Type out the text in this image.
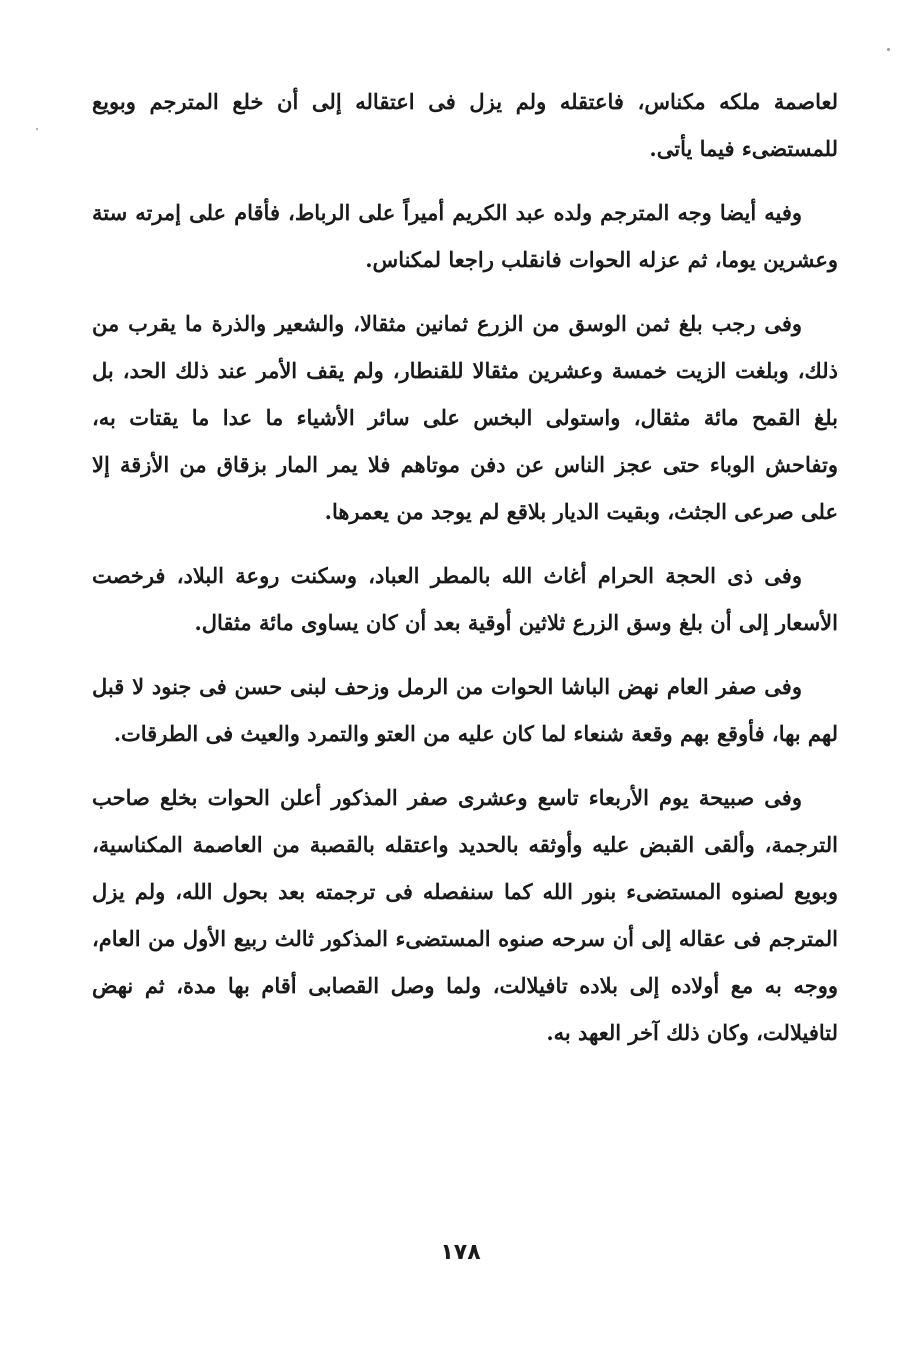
لعاصمة ملكه مكناس، فاعتقله ولم يزل فى اعتقاله إلى أن خلع المترجم وبويع للمستضىء فيما يأتى.

وفيه أيضا وجه المترجم ولده عبد الكريم أميراً على الرباط، فأقام على إمرته ستة وعشرين يوما، ثم عزله الحوات فانقلب راجعا لمكناس.

وفى رجب بلغ ثمن الوسق من الزرع ثمانين مثقالا، والشعير والذرة ما يقرب من ذلك، وبلغت الزيت خمسة وعشرين مثقالا للقنطار، ولم يقف الأمر عند ذلك الحد، بل بلغ القمح مائة مثقال، واستولى البخس على سائر الأشياء ما عدا ما يقتات به، وتفاحش الوباء حتى عجز الناس عن دفن موتاهم فلا يمر المار بزقاق من الأزقة إلا على صرعى الجثث، وبقيت الديار بلاقع لم يوجد من يعمرها.

وفى ذى الحجة الحرام أغاث الله بالمطر العباد، وسكنت روعة البلاد، فرخصت الأسعار إلى أن بلغ وسق الزرع ثلاثين أوقية بعد أن كان يساوى مائة مثقال.

وفى صفر العام نهض الباشا الحوات من الرمل وزحف لبنى حسن فى جنود لا قبل لهم بها، فأوقع بهم وقعة شنعاء لما كان عليه من العتو والتمرد والعيث فى الطرقات.

وفى صبيحة يوم الأربعاء تاسع وعشرى صفر المذكور أعلن الحوات بخلع صاحب الترجمة، وألقى القبض عليه وأوثقه بالحديد واعتقله بالقصبة من العاصمة المكناسية، وبويع لصنوه المستضىء بنور الله كما سنفصله فى ترجمته بعد بحول الله، ولم يزل المترجم فى عقاله إلى أن سرحه صنوه المستضىء المذكور ثالث ربيع الأول من العام، ووجه به مع أولاده إلى بلاده تافيلالت، ولما وصل القصابى أقام بها مدة، ثم نهض لتافيلالت، وكان ذلك آخر العهد به.

١٧٨
